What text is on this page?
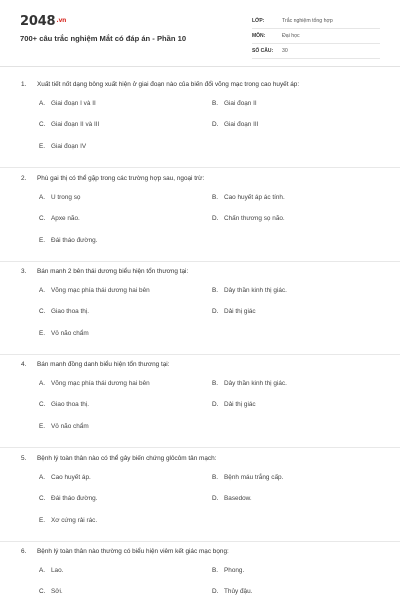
$2048^{.vn}$
700+ câu trắc nghiệm Mắt có đáp án - Phần 10
LỚP:	Trắc nghiệm tổng hợp
MÔN:	Đại học
SỐ CÂU: 30
1. Xuất tiết nốt dạng bông xuất hiện ở giai đoạn nào của biến đổi võng mạc trong cao huyết áp:
A. Giai đoạn I và II	B. Giai đoạn II
C. Giai đoạn II và III	D. Giai đoạn III
E. Giai đoạn IV
2. Phù gai thị có thể gặp trong các trường hợp sau, ngoại trừ:
A. U trong sọ	B. Cao huyết áp ác tính.
C. Apxe não.	D. Chấn thương sọ não.
E. Đái tháo đường.
3. Bán manh 2 bên thái dương biểu hiện tổn thương tại:
A. Võng mạc phía thái dương hai bên	B. Dây thần kinh thị giác.
C. Giao thoa thị.	D. Dải thị giác
E. Vỏ não chẩm
4. Bán manh đồng danh biểu hiện tổn thương tại:
A. Võng mạc phía thái dương hai bên	B. Dây thần kinh thị giác.
C. Giao thoa thị.	D. Dải thị giác
E. Vỏ não chẩm
5. Bệnh lý toàn thân nào có thể gây biến chứng glôcôm tân mạch:
A. Cao huyết áp.	B. Bệnh máu trắng cấp.
C. Đái tháo đường.	D. Basedow.
E. Xơ cứng rải rác.
6. Bệnh lý toàn thân nào thường có biểu hiện viêm kết giác mạc bọng:
A. Lao.	B. Phong.
C. Sởi.	D. Thủy đậu.
